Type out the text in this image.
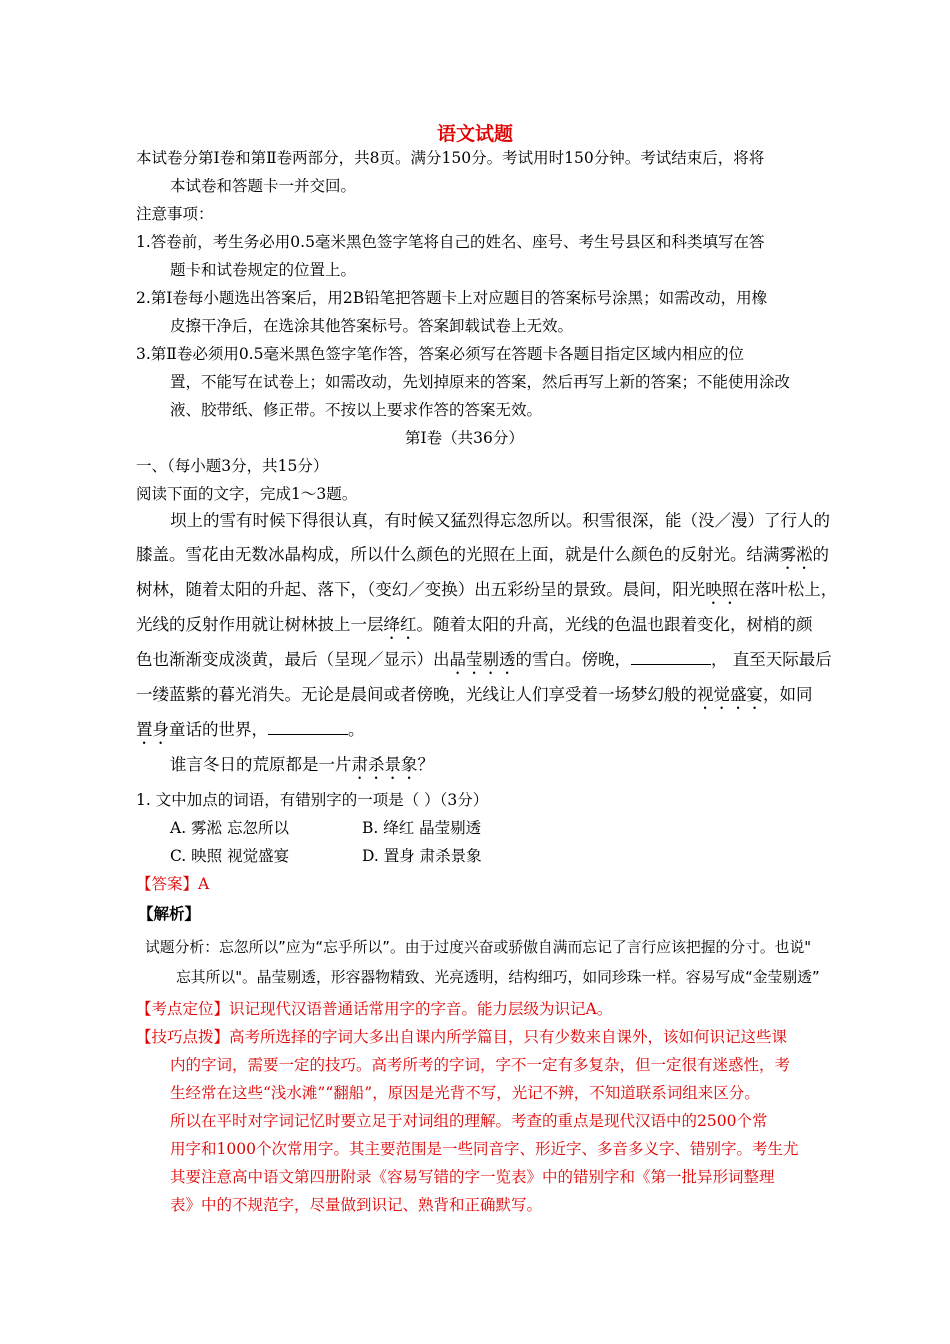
语文试题
本试卷分第Ⅰ卷和第Ⅱ卷两部分，共8页。满分150分。考试用时150分钟。考试结束后，将将
本试卷和答题卡一并交回。
注意事项：
1.答卷前，考生务必用0.5毫米黑色签字笔将自己的姓名、座号、考生号县区和科类填写在答
题卡和试卷规定的位置上。
2.第Ⅰ卷每小题选出答案后，用2B铅笔把答题卡上对应题目的答案标号涂黑；如需改动，用橡
皮擦干净后，在选涂其他答案标号。答案卸载试卷上无效。
3.第Ⅱ卷必须用0.5毫米黑色签字笔作答，答案必须写在答题卡各题目指定区域内相应的位
置，不能写在试卷上；如需改动，先划掉原来的答案，然后再写上新的答案；不能使用涂改
液、胶带纸、修正带。不按以上要求作答的答案无效。
第Ⅰ卷（共36分）
一、（每小题3分，共15分）
阅读下面的文字，完成1～3题。
坝上的雪有时候下得很认真，有时候又猛烈得忘忽所以。积雪很深，能（没／漫）了行人的
膝盖。雪花由无数冰晶构成，所以什么颜色的光照在上面，就是什么颜色的反射光。结满雾淞的
树林，随着太阳的升起、落下，（变幻／变换）出五彩纷呈的景致。晨间，阳光映照在落叶松上，
光线的反射作用就让树林披上一层绛红。随着太阳的升高，光线的色温也跟着变化，树梢的颜
色也渐渐变成淡黄，最后（呈现／显示）出晶莹剔透的雪白。傍晚，	， 直至天际最后
一缕蓝紫的暮光消失。无论是晨间或者傍晚，光线让人们享受着一场梦幻般的视觉盛宴，如同
置身童话的世界，	。
谁言冬日的荒原都是一片肃杀景象？
1. 文中加点的词语，有错别字的一项是（ ）（3分）
A. 雾淞 忘忽所以	B. 绛红 晶莹剔透
C. 映照 视觉盛宴	D. 置身 肃杀景象
【答案】A
【解析】
试题分析：忘忽所以”应为“忘乎所以”。由于过度兴奋或骄傲自满而忘记了言行应该把握的分寸。也说"
忘其所以"。晶莹剔透，形容器物精致、光亮透明，结构细巧，如同珍珠一样。容易写成“金莹剔透”
【考点定位】识记现代汉语普通话常用字的字音。能力层级为识记A。
【技巧点拨】高考所选择的字词大多出自课内所学篇目，只有少数来自课外，该如何识记这些课
内的字词，需要一定的技巧。高考所考的字词，字不一定有多复杂，但一定很有迷惑性，考
生经常在这些“浅水滩”“翻船”，原因是光背不写，光记不辨，不知道联系词组来区分。
所以在平时对字词记忆时要立足于对词组的理解。考查的重点是现代汉语中的2500个常
用字和1000个次常用字。其主要范围是一些同音字、形近字、多音多义字、错别字。考生尤
其要注意高中语文第四册附录《容易写错的字一览表》中的错别字和《第一批异形词整理
表》中的不规范字，尽量做到识记、熟背和正确默写。
